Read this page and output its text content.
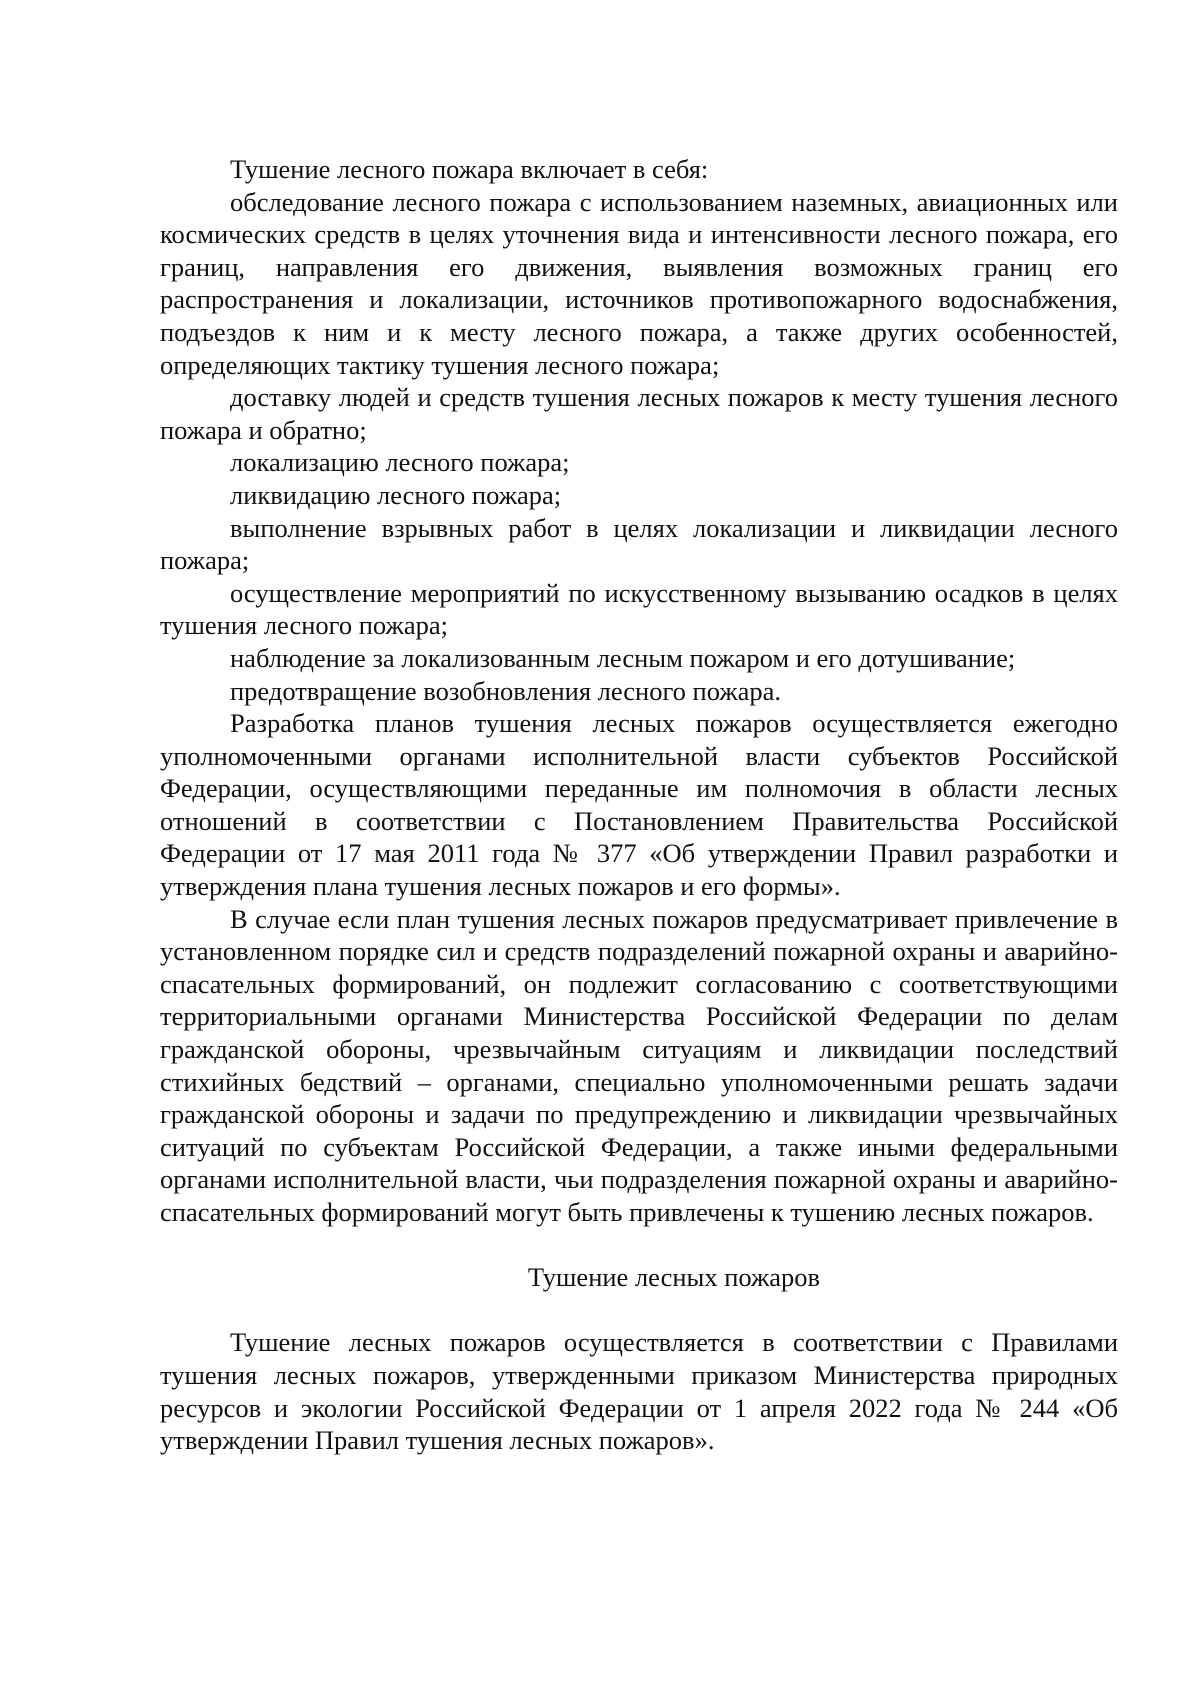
Тушение лесного пожара включает в себя:

обследование лесного пожара с использованием наземных, авиационных или космических средств в целях уточнения вида и интенсивности лесного пожара, его границ, направления его движения, выявления возможных границ его распространения и локализации, источников противопожарного водоснабжения, подъездов к ним и к месту лесного пожара, а также других особенностей, определяющих тактику тушения лесного пожара;

доставку людей и средств тушения лесных пожаров к месту тушения лесного пожара и обратно;

локализацию лесного пожара;

ликвидацию лесного пожара;

выполнение взрывных работ в целях локализации и ликвидации лесного пожара;

осуществление мероприятий по искусственному вызыванию осадков в целях тушения лесного пожара;

наблюдение за локализованным лесным пожаром и его дотушивание;

предотвращение возобновления лесного пожара.

Разработка планов тушения лесных пожаров осуществляется ежегодно уполномоченными органами исполнительной власти субъектов Российской Федерации, осуществляющими переданные им полномочия в области лесных отношений в соответствии с Постановлением Правительства Российской Федерации от 17 мая 2011 года № 377 «Об утверждении Правил разработки и утверждения плана тушения лесных пожаров и его формы».

В случае если план тушения лесных пожаров предусматривает привлечение в установленном порядке сил и средств подразделений пожарной охраны и аварийно-спасательных формирований, он подлежит согласованию с соответствующими территориальными органами Министерства Российской Федерации по делам гражданской обороны, чрезвычайным ситуациям и ликвидации последствий стихийных бедствий – органами, специально уполномоченными решать задачи гражданской обороны и задачи по предупреждению и ликвидации чрезвычайных ситуаций по субъектам Российской Федерации, а также иными федеральными органами исполнительной власти, чьи подразделения пожарной охраны и аварийно-спасательных формирований могут быть привлечены к тушению лесных пожаров.

Тушение лесных пожаров

Тушение лесных пожаров осуществляется в соответствии с Правилами тушения лесных пожаров, утвержденными приказом Министерства природных ресурсов и экологии Российской Федерации от 1 апреля 2022 года № 244 «Об утверждении Правил тушения лесных пожаров».
